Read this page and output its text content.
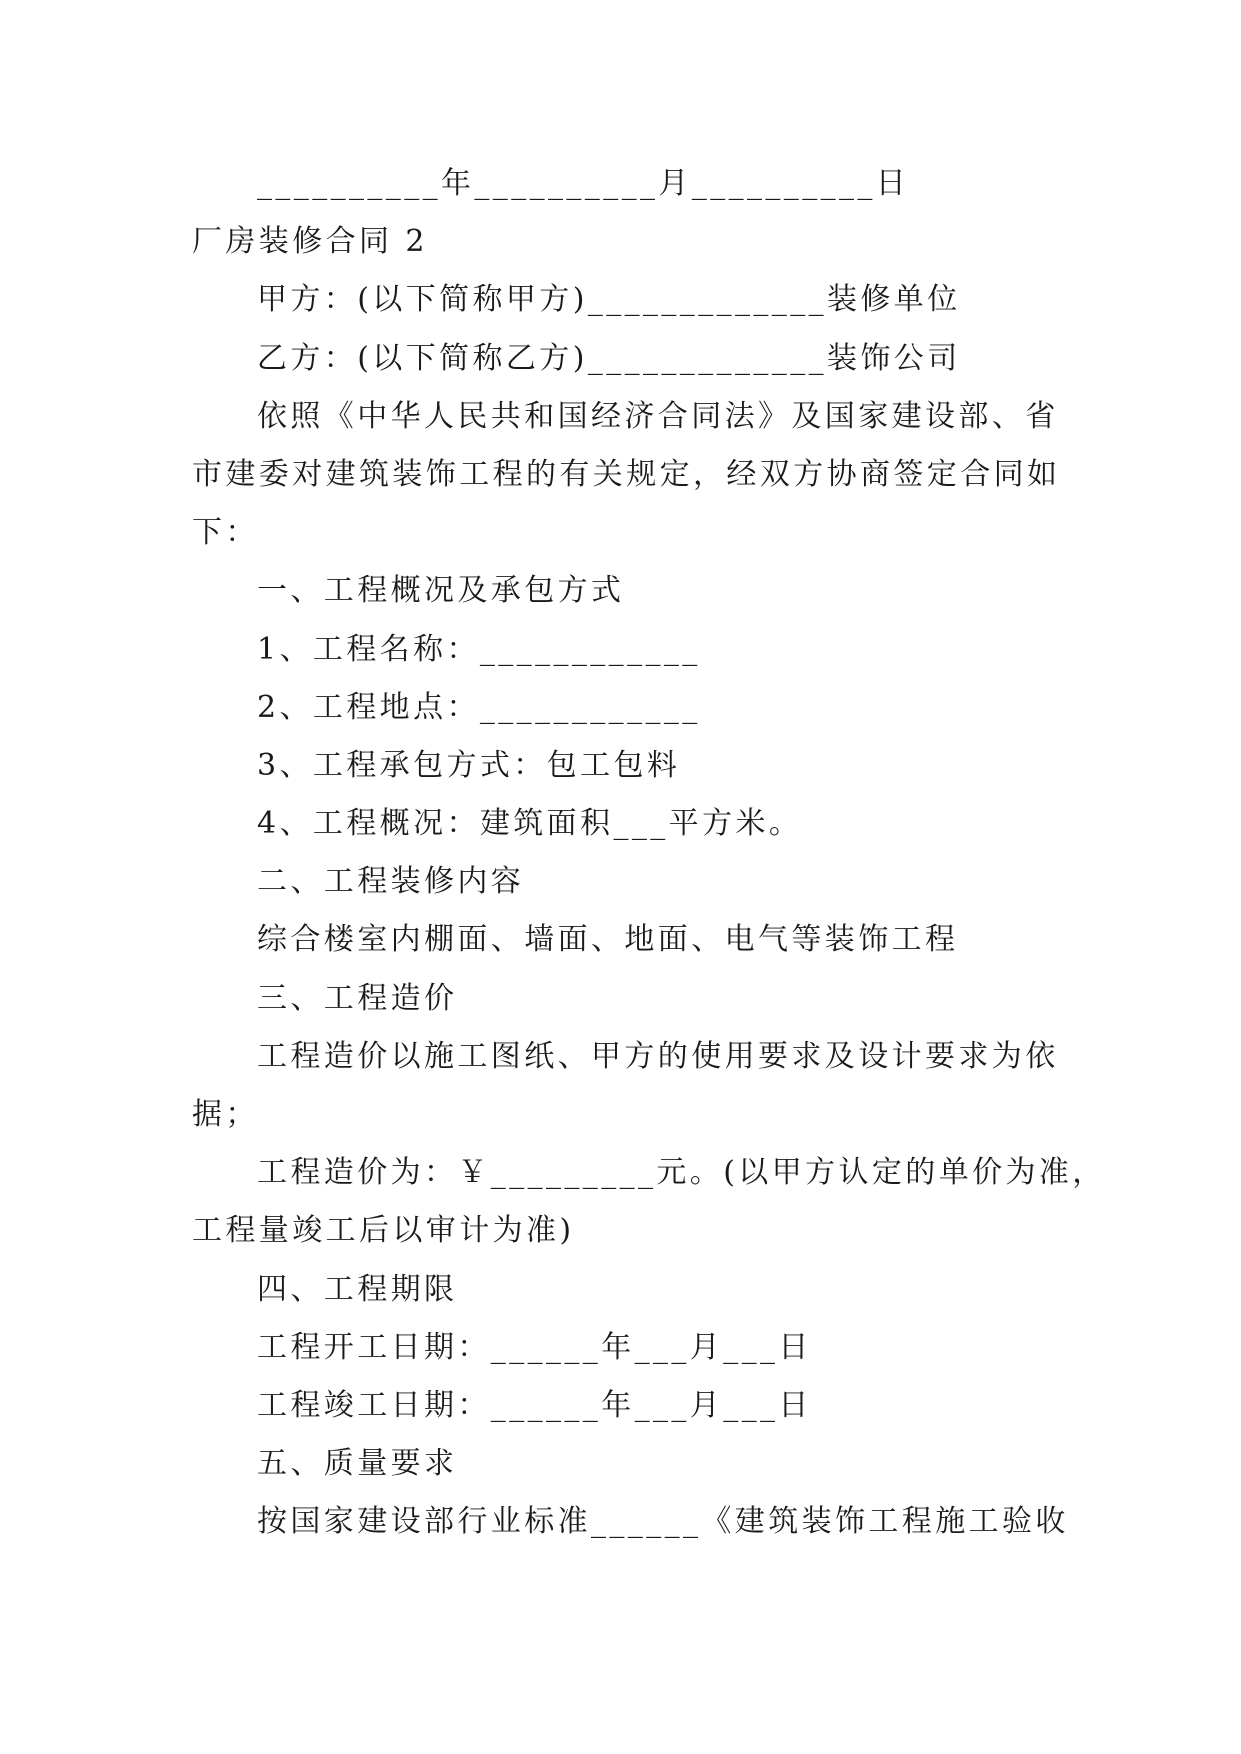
__________年__________月__________日
厂房装修合同 2
甲方：(以下简称甲方)_____________装修单位
乙方：(以下简称乙方)_____________装饰公司
依照《中华人民共和国经济合同法》及国家建设部、省
市建委对建筑装饰工程的有关规定，经双方协商签定合同如
下：
一、工程概况及承包方式
1、工程名称：____________
2、工程地点：____________
3、工程承包方式：包工包料
4、工程概况：建筑面积___平方米。
二、工程装修内容
综合楼室内棚面、墙面、地面、电气等装饰工程
三、工程造价
工程造价以施工图纸、甲方的使用要求及设计要求为依
据；
工程造价为：￥_________元。(以甲方认定的单价为准，
工程量竣工后以审计为准)
四、工程期限
工程开工日期：______年___月___日
工程竣工日期：______年___月___日
五、质量要求
按国家建设部行业标准______《建筑装饰工程施工验收
